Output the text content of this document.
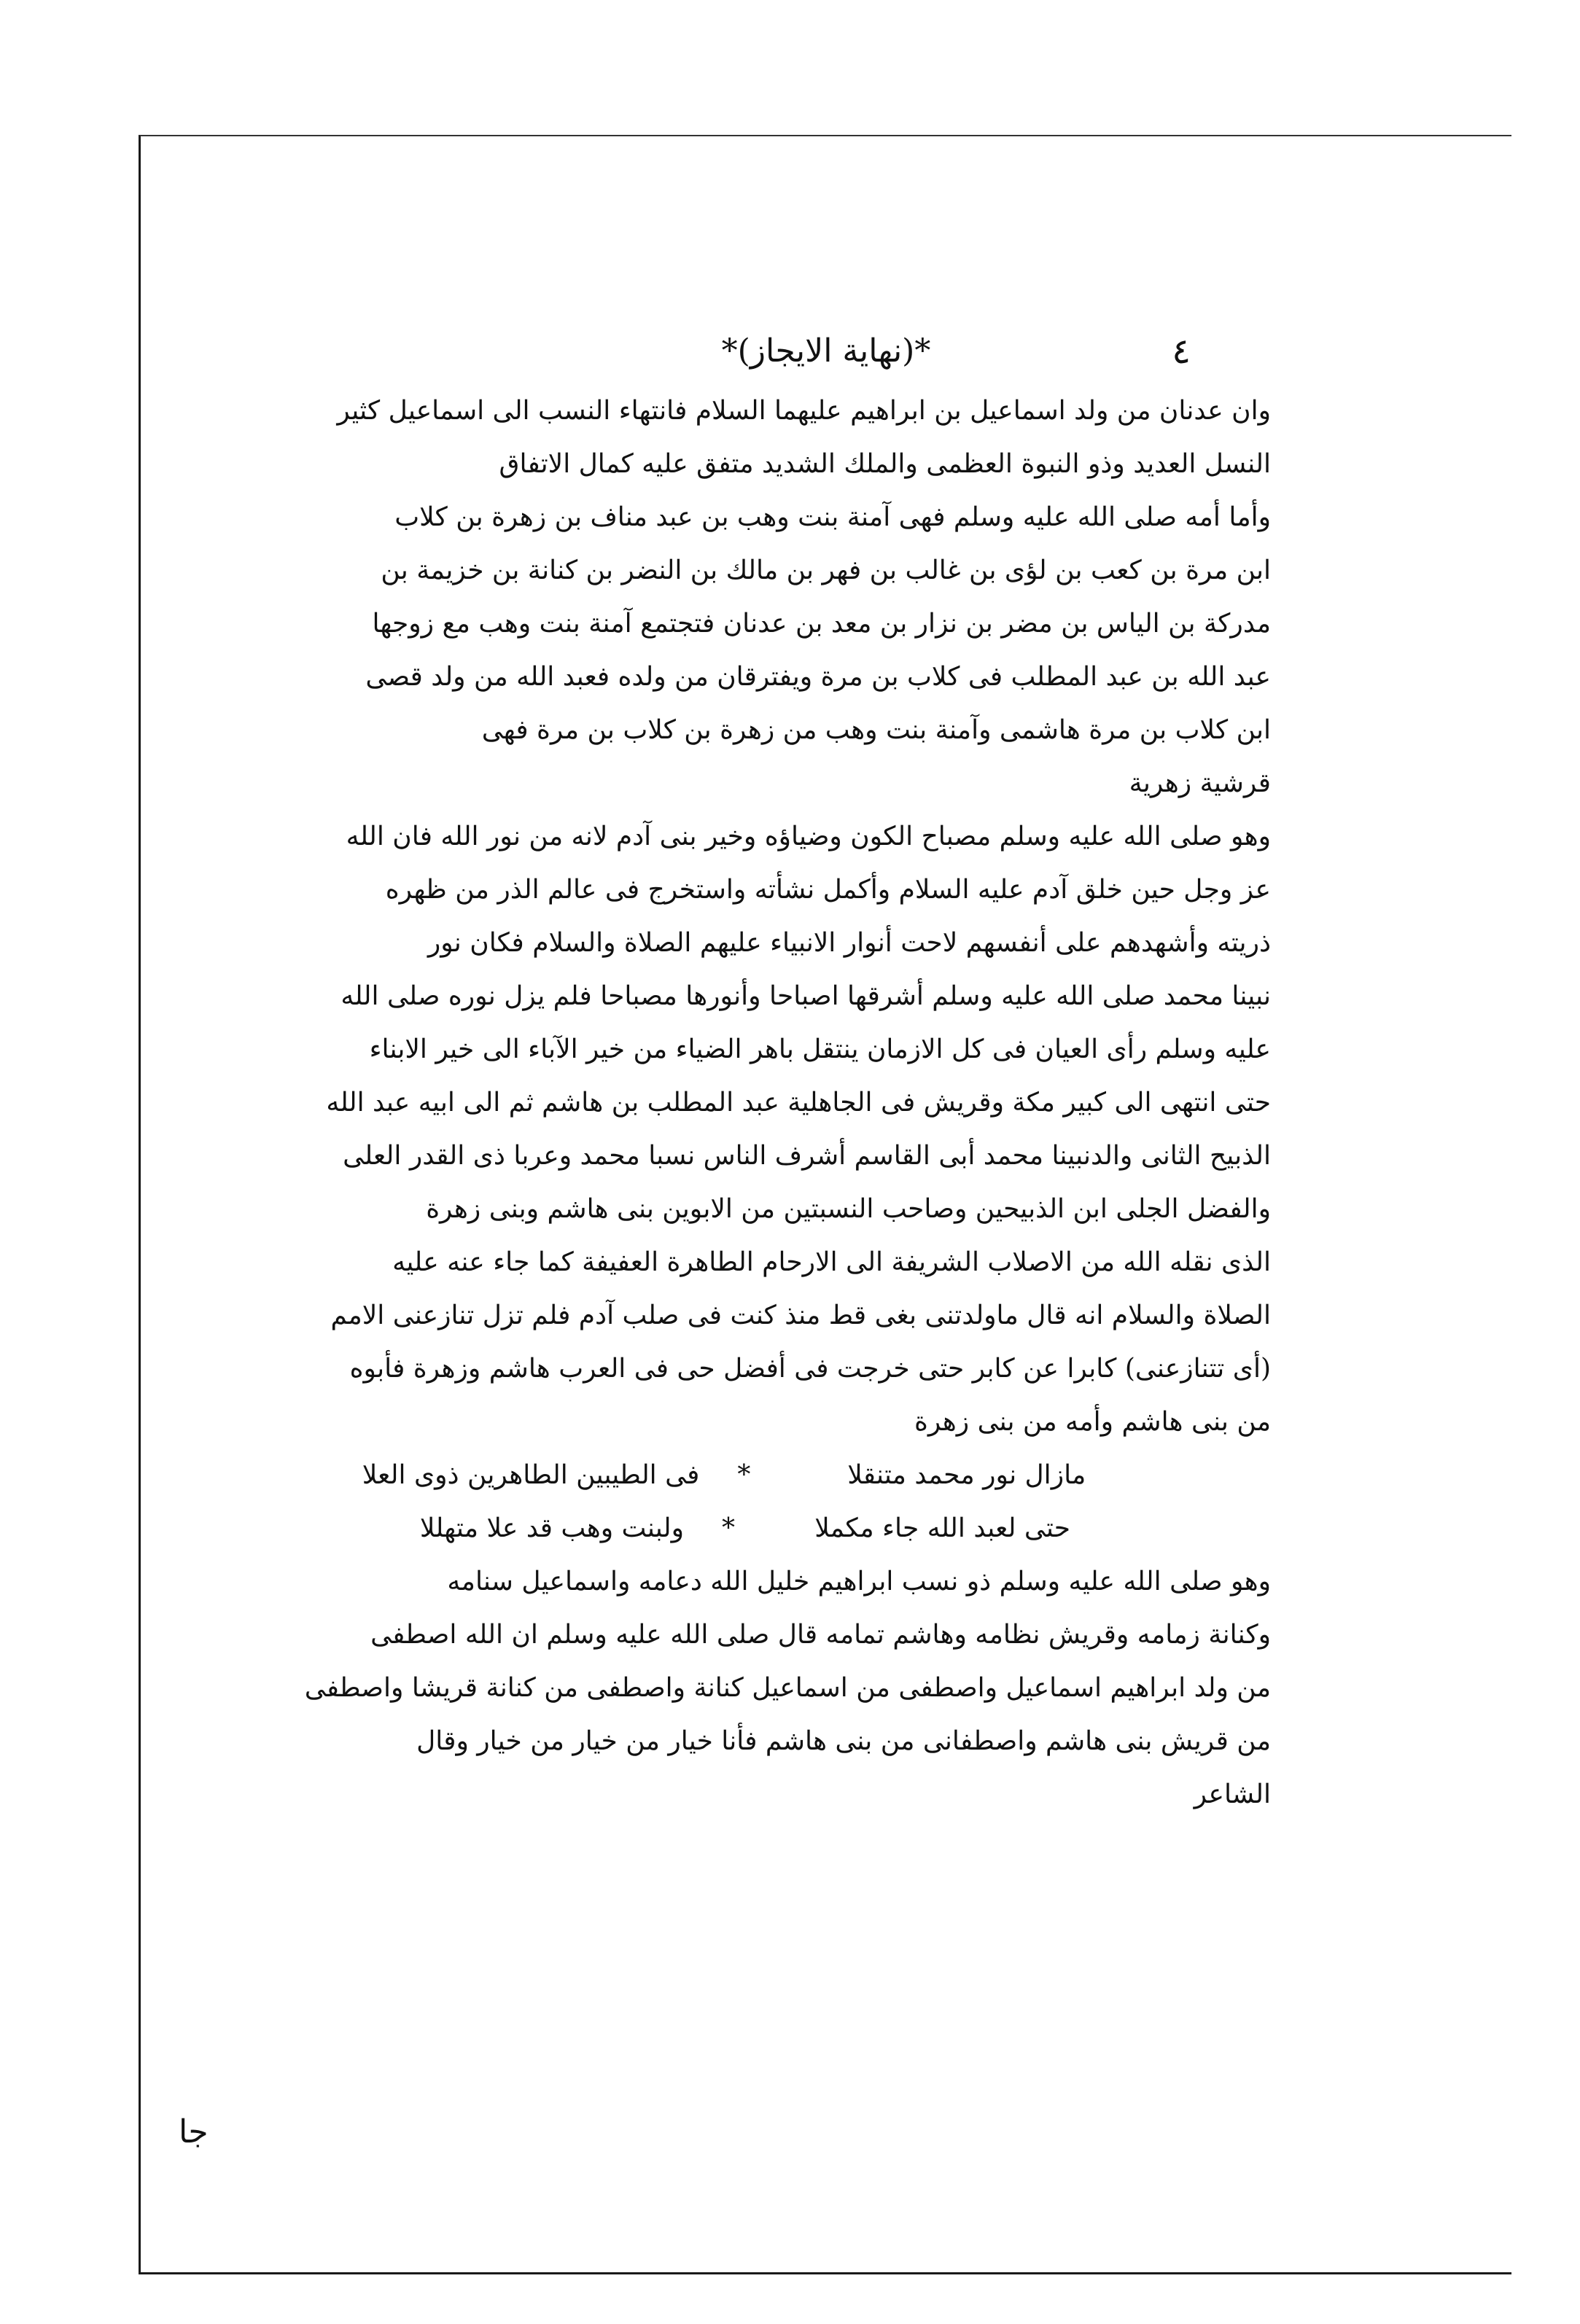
٤
*(نهاية الايجاز)*
وان عدنان من ولد اسماعيل بن ابراهيم عليهما السلام فانتهاء النسب الى اسماعيل كثير
النسل العديد وذو النبوة العظمى والملك الشديد متفق عليه كمال الاتفاق
وأما أمه صلى الله عليه وسلم فهى آمنة بنت وهب بن عبد مناف بن زهرة بن كلاب
ابن مرة بن كعب بن لؤى بن غالب بن فهر بن مالك بن النضر بن كنانة بن خزيمة بن
مدركة بن الياس بن مضر بن نزار بن معد بن عدنان فتجتمع آمنة بنت وهب مع زوجها
عبد الله بن عبد المطلب فى كلاب بن مرة ويفترقان من ولده فعبد الله من ولد قصى
ابن كلاب بن مرة هاشمى وآمنة بنت وهب من زهرة بن كلاب بن مرة فهى
قرشية زهرية
وهو صلى الله عليه وسلم مصباح الكون وضياؤه وخير بنى آدم لانه من نور الله فان الله
عز وجل حين خلق آدم عليه السلام وأكمل نشأته واستخرج فى عالم الذر من ظهره
ذريته وأشهدهم على أنفسهم لاحت أنوار الانبياء عليهم الصلاة والسلام فكان نور
نبينا محمد صلى الله عليه وسلم أشرقها اصباحا وأنورها مصباحا فلم يزل نوره صلى الله
عليه وسلم رأى العيان فى كل الازمان ينتقل باهر الضياء من خير الآباء الى خير الابناء
حتى انتهى الى كبير مكة وقريش فى الجاهلية عبد المطلب بن هاشم ثم الى ابيه عبد الله
الذبيح الثانى والدنبينا محمد أبى القاسم أشرف الناس نسبا محمد وعربا ذى القدر العلى
والفضل الجلى ابن الذبيحين وصاحب النسبتين من الابوين بنى هاشم وبنى زهرة
الذى نقله الله من الاصلاب الشريفة الى الارحام الطاهرة العفيفة كما جاء عنه عليه
الصلاة والسلام انه قال ماولدتنى بغى قط منذ كنت فى صلب آدم فلم تزل تنازعنى الامم
(أى تتنازعنى) كابرا عن كابر حتى خرجت فى أفضل حى فى العرب هاشم وزهرة فأبوه
من بنى هاشم وأمه من بنى زهرة
مازال نور محمد متنقلا
*
فى الطيبين الطاهرين ذوى العلا
حتى لعبد الله جاء مكملا
*
ولبنت وهب قد علا متهللا
وهو صلى الله عليه وسلم ذو نسب ابراهيم خليل الله دعامه واسماعيل سنامه
وكنانة زمامه وقريش نظامه وهاشم تمامه قال صلى الله عليه وسلم ان الله اصطفى
من ولد ابراهيم اسماعيل واصطفى من اسماعيل كنانة واصطفى من كنانة قريشا واصطفى
من قريش بنى هاشم واصطفانى من بنى هاشم فأنا خيار من خيار من خيار وقال
الشاعر
جا
